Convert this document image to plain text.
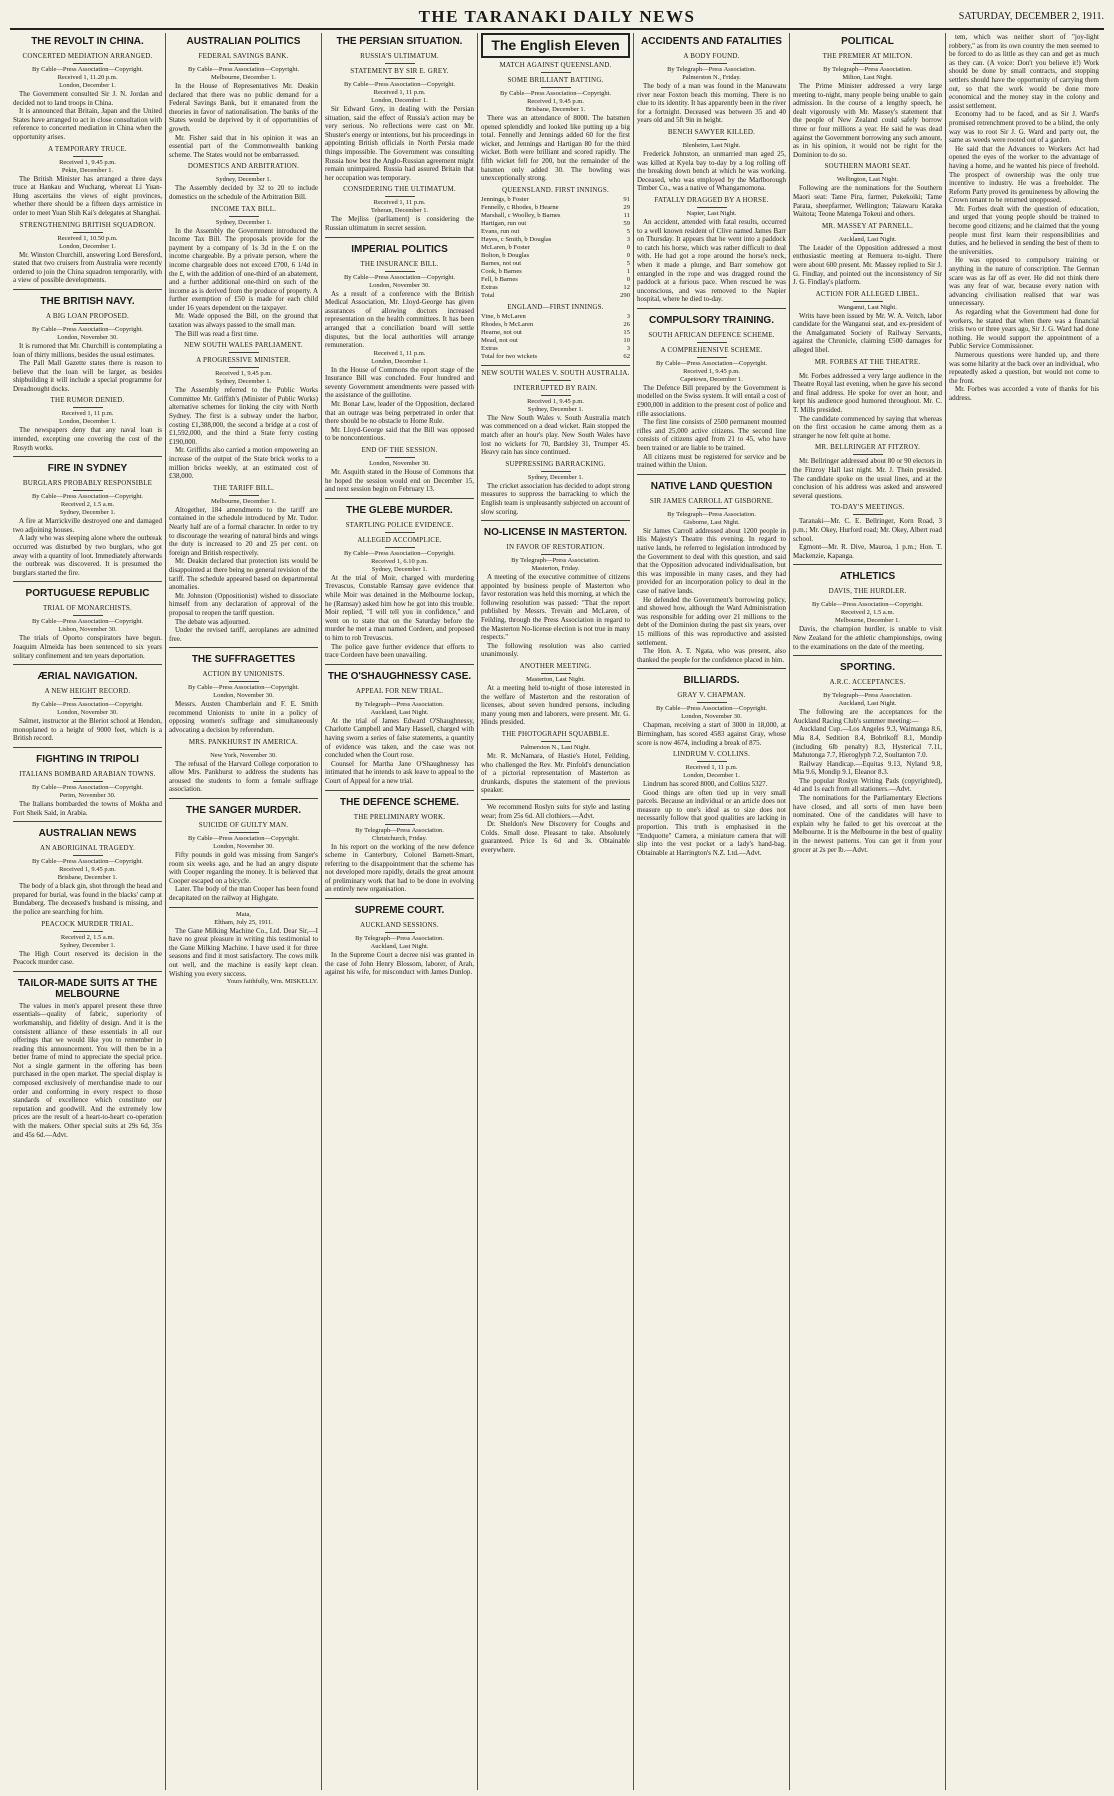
THE TARANAKI DAILY NEWS	SATURDAY, DECEMBER 2, 1911.
THE REVOLT IN CHINA.
CONCERTED MEDIATION ARRANGED.
By Cable—Press Association—Copyright.
Received 1, 11.20 p.m.
London, December 1.

The Government consulted Sir J. N. Jordan and decided not to land troops in China.

It is announced that Britain, Japan and the United States have arranged to act in close consultation with reference to concerted mediation in China when the opportunity arises.

A TEMPORARY TRUCE.
Received 1, 9.45 p.m.
Pekin, December 1.

The British Minister has arranged a three days truce at Hankau and Wuchang, whereat Li Yuan-Hung ascertains the views of eight provinces, whether there should be a fifteen days armistice in order to meet Yuan Shih Kai's delegates at Shanghai.

STRENGTHENING BRITISH SQUADRON.
Received 1, 10.50 p.m.
London, December 1.

Mr. Winston Churchill, answering Lord Beresford, stated that two cruisers from Australia were recently ordered to join the China squadron temporarily, with a view of possible developments.

THE BRITISH NAVY.
A BIG LOAN PROPOSED.
By Cable—Press Association—Copyright.
London, November 30.

It is rumored that Mr. Churchill is contemplating a loan of thirty millions, besides the usual estimates.

The Pall Mall Gazette states there is reason to believe that the loan will be larger, as besides shipbuilding it will include a special programme for Dreadnought docks.

THE RUMOR DENIED.
Received 1, 11 p.m.
London, December 1.

The newspapers deny that any naval loan is intended, excepting one covering the cost of the Rosyth works.

FIRE IN SYDNEY
BURGLARS PROBABLY RESPONSIBLE
By Cable—Press Association—Copyright.
Received 2, 1.5 a.m.
Sydney, December 1.

A fire at Marrickville destroyed one and damaged two adjoining houses.

A lady who was sleeping alone where the outbreak occurred was disturbed by two burglars, who got away with a quantity of loot. Immediately afterwards the outbreak was discovered. It is presumed the burglars started the fire.

PORTUGUESE REPUBLIC
TRIAL OF MONARCHISTS.
By Cable—Press Association—Copyright.
Lisbon, November 30.

The trials of Oporto conspirators have begun. Joaquim Almeida has been sentenced to six years solitary confinement and ten years deportation.

ÆRIAL NAVIGATION.
A NEW HEIGHT RECORD.
By Cable—Press Association—Copyright.
London, November 30.

Salmet, instructor at the Bleriot school at Hendon, monoplaned to a height of 9000 feet, which is a British record.

FIGHTING IN TRIPOLI
ITALIANS BOMBARD ARABIAN TOWNS.
By Cable—Press Association—Copyright.
Perim, November 30.

The Italians bombarded the towns of Mokha and Fort Sheik Said, in Arabia.

AUSTRALIAN NEWS
AN ABORIGINAL TRAGEDY.
By Cable—Press Association—Copyright.
Received 1, 9.45 p.m.
Brisbane, December 1.

The body of a black gin, shot through the head and prepared for burial, was found in the blacks' camp at Bundaberg. The deceased's husband is missing, and the police are searching for him.

PEACOCK MURDER TRIAL.
Received 2, 1.5 a.m.
Sydney, December 1.

The High Court reserved its decision in the Peacock murder case.

TAILOR-MADE SUITS AT THE MELBOURNE

The values in men's apparel present these three essentials—quality of fabric, superiority of workmanship, and fidelity of design. And it is the consistent alliance of these essentials in all our offerings that we would like you to remember in reading this announcement. You will then be in a better frame of mind to appreciate the special price. Not a single garment in the offering has been purchased in the open market. The special display is composed exclusively of merchandise made to our order and conforming in every respect to those standards of excellence which constitute our reputation and goodwill. And the extremely low prices are the result of a heart-to-heart co-operation with the makers. Other special suits at 29s 6d, 35s and 45s 6d.—Advt.

AUSTRALIAN POLITICS
FEDERAL SAVINGS BANK.
By Cable—Press Association—Copyright.
Melbourne, December 1.

In the House of Representatives Mr. Deakin declared that there was no public demand for a Federal Savings Bank, but it emanated from the theories in favor of nationalisation. The banks of the States would be deprived by it of opportunities of growth.

Mr. Fisher said that in his opinion it was an essential part of the Commonwealth banking scheme. The States would not be embarrassed.

DOMESTICS AND ARBITRATION.
Sydney, December 1.

The Assembly decided by 32 to 20 to include domestics on the schedule of the Arbitration Bill.

INCOME TAX BILL.
Sydney, December 1.

In the Assembly the Government introduced the Income Tax Bill. The proposals provide for the payment by a company of 1s 3d in the £ on the income chargeable. By a private person, where the income chargeable does not exceed £700, 6 1/4d in the £, with the addition of one-third of an abatement, and a further additional one-third on such of the income as is derived from the produce of property. A further exemption of £50 is made for each child under 16 years dependent on the taxpayer.

Mr. Wade opposed the Bill, on the ground that taxation was always passed to the small man.

The Bill was read a first time.

NEW SOUTH WALES PARLIAMENT.
A PROGRESSIVE MINISTER.
Received 1, 9.45 p.m.
Sydney, December 1.

The Assembly referred to the Public Works Committee Mr. Griffith's (Minister of Public Works) alternative schemes for linking the city with North Sydney. The first is a subway under the harbor, costing £1,388,000, the second a bridge at a cost of £1,592,000, and the third a State ferry costing £190,000.

Mr. Griffiths also carried a motion empowering an increase of the output of the State brick works to a million bricks weekly, at an estimated cost of £38,000.

THE TARIFF BILL.
Melbourne, December 1.

Altogether, 184 amendments to the tariff are contained in the schedule introduced by Mr. Tudor. Nearly half are of a formal character. In order to try to discourage the wearing of natural birds and wings the duty is increased to 20 and 25 per cent. on foreign and British respectively.

Mr. Deakin declared that protection ists would be disappointed at there being no general revision of the tariff. The schedule appeared based on departmental anomalies.

Mr. Johnston (Oppositionist) wished to dissociate himself from any declaration of approval of the proposal to reopen the tariff question.

The debate was adjourned.

Under the revised tariff, aeroplanes are admitted free.

THE SUFFRAGETTES
ACTION BY UNIONISTS.
By Cable—Press Association—Copyright.
London, November 30.

Messrs. Austen Chamberlain and F. E. Smith recommend Unionists to unite in a policy of opposing women's suffrage and simultaneously advocating a decision by referendum.

MRS. PANKHURST IN AMERICA.
New York, November 30.

The refusal of the Harvard College corporation to allow Mrs. Pankhurst to address the students has aroused the students to form a female suffrage association.

THE SANGER MURDER.
SUICIDE OF GUILTY MAN.
By Cable—Press Association—Copyright.
London, November 30.

Fifty pounds in gold was missing from Sanger's room six weeks ago, and he had an angry dispute with Cooper regarding the money. It is believed that Cooper escaped on a bicycle.

Later. The body of the man Cooper has been found decapitated on the railway at Highgate.

Mata,
Eltham, July 25, 1911.

The Gane Milking Machine Co., Ltd. Dear Sir,—I have no great pleasure in writing this testimonial to the Gane Milking Machine. I have used it for three seasons and find it most satisfactory. The cows milk out well, and the machine is easily kept clean. Wishing you every success.

Yours faithfully, Wm. MISKELLY.
THE PERSIAN SITUATION.
RUSSIA'S ULTIMATUM.
STATEMENT BY SIR E. GREY.
By Cable—Press Association—Copyright.
Received 1, 11 p.m.
London, December 1.

Sir Edward Grey, in dealing with the Persian situation, said the effect of Russia's action may be very serious. No reflections were cast on Mr. Shuster's energy or intentions, but his proceedings in appointing British officials in North Persia made things impossible. The Government was consulting Russia how best the Anglo-Russian agreement might remain unimpaired. Russia had assured Britain that her occupation was temporary.

CONSIDERING THE ULTIMATUM.
Received 1, 11 p.m.
Teheran, December 1.

The Mejliss (parliament) is considering the Russian ultimatum in secret session.

IMPERIAL POLITICS
THE INSURANCE BILL.
By Cable—Press Association—Copyright.
London, November 30.

As a result of a conference with the British Medical Association, Mr. Lloyd-George has given assurances of allowing doctors increased representation on the health committees. It has been arranged that a conciliation board will settle disputes, but the local authorities will arrange remuneration.

Received 1, 11 p.m.
London, December 1.

In the House of Commons the report stage of the Insurance Bill was concluded. Four hundred and seventy Government amendments were passed with the assistance of the guillotine.

Mr. Bonar Law, leader of the Opposition, declared that an outrage was being perpetrated in order that there should be no obstacle to Home Rule.

Mr. Lloyd-George said that the Bill was opposed to be noncontentious.

END OF THE SESSION.
London, November 30.

Mr. Asquith stated in the House of Commons that he hoped the session would end on December 15, and next session begin on February 13.

THE GLEBE MURDER.
STARTLING POLICE EVIDENCE.
ALLEGED ACCOMPLICE.
By Cable—Press Association—Copyright.
Received 1, 6.10 p.m.
Sydney, December 1.

At the trial of Moir, charged with murdering Trevascus, Constable Ramsay gave evidence that while Moir was detained in the Melbourne lockup, he (Ramsay) asked him how he got into this trouble. Moir replied, "I will tell you in confidence," and went on to state that on the Saturday before the murder he met a man named Cordeen, and proposed to him to rob Trevascus.

The police gave further evidence that efforts to trace Cordeen have been unavailing.

THE O'SHAUGHNESSY CASE.
APPEAL FOR NEW TRIAL.
By Telegraph—Press Association.
Auckland, Last Night.

At the trial of James Edward O'Shaughnessy, Charlotte Campbell and Mary Hassell, charged with having sworn a series of false statements, a quantity of evidence was taken, and the case was not concluded when the Court rose.

Counsel for Martha Jane O'Shaughnessy has intimated that he intends to ask leave to appeal to the Court of Appeal for a new trial.

THE DEFENCE SCHEME.
THE PRELIMINARY WORK.
By Telegraph—Press Association.
Christchurch, Friday.

In his report on the working of the new defence scheme in Canterbury, Colonel Barnett-Smart, referring to the disappointment that the scheme has not developed more rapidly, details the great amount of preliminary work that had to be done in evolving an entirely new organisation.

SUPREME COURT.
AUCKLAND SESSIONS.
By Telegraph—Press Association.
Auckland, Last Night.

In the Supreme Court a decree nisi was granted in the case of John Henry Blossom, laborer, of Arah, against his wife, for misconduct with James Dunlop.

The English Eleven
MATCH AGAINST QUEENSLAND.
SOME BRILLIANT BATTING.
By Cable—Press Association—Copyright.
Received 1, 9.45 p.m.
Brisbane, December 1.

There was an attendance of 8000. The batsmen opened splendidly and looked like putting up a big total. Fennelly and Jennings added 60 for the first wicket, and Jennings and Hartigan 80 for the third wicket. Both were brilliant and scored rapidly. The fifth wicket fell for 200, but the remainder of the batsmen only added 30. The bowling was unexceptionally strong.

QUEENSLAND. FIRST INNINGS.
Jennings, b Foster	91
Fennelly, c Rhodes, b Hearne	29
Marshall, c Woolley, b Barnes	11
Hartigan, run out	59
Evans, run out	5
Hayes, c Smith, b Douglas	3
McLaren, b Foster	0
Bolton, b Douglas	0
Barnes, not out	5
Cook, b Barnes	1
Fell, b Barnes	0
Extras	12
Total	290
ENGLAND—FIRST INNINGS.
Vine, b McLaren	3
Rhodes, b McLaren	26
Hearne, not out	15
Mead, not out	10
Extras	3
Total for two wickets	62
NEW SOUTH WALES V. SOUTH AUSTRALIA.
INTERRUPTED BY RAIN.
Received 1, 9.45 p.m.
Sydney, December 1.

The New South Wales v. South Australia match was commenced on a dead wicket. Rain stopped the match after an hour's play. New South Wales have lost no wickets for 70, Bardsley 31, Trumper 45. Heavy rain has since continued.

SUPPRESSING BARRACKING.
Sydney, December 1.

The cricket association has decided to adopt strong measures to suppress the barracking to which the English team is unpleasantly subjected on account of slow scoring.

NO-LICENSE IN MASTERTON.
IN FAVOR OF RESTORATION.
By Telegraph—Press Association.
Masterton, Friday.

A meeting of the executive committee of citizens appointed by business people of Masterton who favor restoration was held this morning, at which the following resolution was passed: "That the report published by Messrs. Trevain and McLaren, of Feilding, through the Press Association in regard to the Masterton No-license election is not true in many respects."

The following resolution was also carried unanimously.

ANOTHER MEETING.
Masterton, Last Night.

At a meeting held to-night of those interested in the welfare of Masterton and the restoration of licenses, about seven hundred persons, including many young men and laborers, were present. Mr. G. Hinds presided.

THE PHOTOGRAPH SQUABBLE.
Palmerston N., Last Night.

Mr. R. McNamara, of Hastie's Hotel, Feilding, who challenged the Rev. Mr. Pinfold's denunciation of a pictorial representation of Masterton as drunkards, disputes the statement of the previous speaker.

We recommend Roslyn suits for style and lasting wear; from 25s 6d. All clothiers.—Advt.

Dr. Sheldon's New Discovery for Coughs and Colds. Small dose. Pleasant to take. Absolutely guaranteed. Price 1s 6d and 3s. Obtainable everywhere.

ACCIDENTS AND FATALITIES
A BODY FOUND.
By Telegraph—Press Association.
Palmerston N., Friday.

The body of a man was found in the Manawatu river near Foxton beach this morning. There is no clue to its identity. It has apparently been in the river for a fortnight. Deceased was between 35 and 40 years old and 5ft 9in in height.

BENCH SAWYER KILLED.
Blenheim, Last Night.

Frederick Johnston, an unmarried man aged 25, was killed at Kyela bay to-day by a log rolling off the breaking down bench at which he was working. Deceased, who was employed by the Marlborough Timber Co., was a native of Whangamomona.

FATALLY DRAGGED BY A HORSE.
Napier, Last Night.

An accident, attended with fatal results, occurred to a well known resident of Clive named James Barr on Thursday. It appears that he went into a paddock to catch his horse, which was rather difficult to deal with. He had got a rope around the horse's neck, when it made a plunge, and Barr somehow got entangled in the rope and was dragged round the paddock at a furious pace. When rescued he was unconscious, and was removed to the Napier hospital, where he died to-day.

COMPULSORY TRAINING.
SOUTH AFRICAN DEFENCE SCHEME.
A COMPREHENSIVE SCHEME.
By Cable—Press Association—Copyright.
Received 1, 9.45 p.m.
Capetown, December 1.

The Defence Bill prepared by the Government is modelled on the Swiss system. It will entail a cost of £900,000 in addition to the present cost of police and rifle associations.

The first line consists of 2500 permanent mounted rifles and 25,000 active citizens. The second line consists of citizens aged from 21 to 45, who have been trained or are liable to be trained.

All citizens must be registered for service and be trained within the Union.

NATIVE LAND QUESTION
SIR JAMES CARROLL AT GISBORNE.
By Telegraph—Press Association.
Gisborne, Last Night.

Sir James Carroll addressed about 1200 people in His Majesty's Theatre this evening. In regard to native lands, he referred to legislation introduced by the Government to deal with this question, and said that the Opposition advocated individualisation, but this was impossible in many cases, and they had provided for an incorporation policy to deal in the case of native lands.

He defended the Government's borrowing policy, and showed how, although the Ward Administration was responsible for adding over 21 millions to the debt of the Dominion during the past six years, over 15 millions of this was reproductive and assisted settlement.

The Hon. A. T. Ngata, who was present, also thanked the people for the confidence placed in him.

BILLIARDS.
GRAY V. CHAPMAN.
By Cable—Press Association—Copyright.
London, November 30.

Chapman, receiving a start of 3000 in 18,000, at Birmingham, has scored 4583 against Gray, whose score is now 4674, including a break of 875.

LINDRUM V. COLLINS.
Received 1, 11 p.m.
London, December 1.

Lindrum has scored 8000, and Collins 5327.

Good things are often tied up in very small parcels. Because an individual or an article does not measure up to one's ideal as to size does not necessarily follow that good qualities are lacking in proportion. This truth is emphasised in the "Endquotte" Camera, a miniature camera that will slip into the vest pocket or a lady's hand-bag. Obtainable at Harrington's N.Z. Ltd.—Advt.

POLITICAL
THE PREMIER AT MILTON.
By Telegraph—Press Association.
Milton, Last Night.

The Prime Minister addressed a very large meeting to-night, many people being unable to gain admission. In the course of a lengthy speech, he dealt vigorously with Mr. Massey's statement that the people of New Zealand could safely borrow three or four millions a year. He said he was dead against the Government borrowing any such amount, as in his opinion, it would not be right for the Dominion to do so.

SOUTHERN MAORI SEAT.
Wellington, Last Night.

Following are the nominations for the Southern Maori seat: Tame Pira, farmer, Pukekoiki; Tame Parata, sheepfarmer, Wellington; Taiawaru Karaka Waitota; Teone Matenga Tokeui and others.

MR. MASSEY AT PARNELL.
Auckland, Last Night.

The Leader of the Opposition addressed a most enthusiastic meeting at Remuera to-night. There were about 600 present. Mr. Massey replied to Sir J. G. Findlay, and pointed out the inconsistency of Sir J. G. Findlay's platform.

ACTION FOR ALLEGED LIBEL.
Wanganui, Last Night.

Writs have been issued by Mr. W. A. Veitch, labor candidate for the Wanganui seat, and ex-president of the Amalgamated Society of Railway Servants, against the Chronicle, claiming £500 damages for alleged libel.

MR. FORBES AT THE THEATRE.

Mr. Forbes addressed a very large audience in the Theatre Royal last evening, when he gave his second and final address. He spoke for over an hour, and kept his audience good humored throughout. Mr. C. T. Mills presided.

The candidate commenced by saying that whereas on the first occasion he came among them as a stranger he now felt quite at home.

MR. BELLRINGER AT FITZROY.

Mr. Bellringer addressed about 80 or 90 electors in the Fitzroy Hall last night. Mr. J. Thein presided. The candidate spoke on the usual lines, and at the conclusion of his address was asked and answered several questions.

TO-DAY'S MEETINGS.

Taranaki—Mr. C. E. Bellringer, Korn Road, 3 p.m.; Mr. Okey, Hurford road; Mr. Okey, Albert road school.

Egmont—Mr. R. Dive, Mauroa, 1 p.m.; Hon. T. Mackenzie, Kapanga.

ATHLETICS
DAVIS, THE HURDLER.
By Cable—Press Association—Copyright.
Received 2, 1.5 a.m.
Melbourne, December 1.

Davis, the champion hurdler, is unable to visit New Zealand for the athletic championships, owing to the examinations on the date of the meeting.

SPORTING.
A.R.C. ACCEPTANCES.
By Telegraph—Press Association.
Auckland, Last Night.

The following are the acceptances for the Auckland Racing Club's summer meeting:—

Auckland Cup.—Los Angeles 9.3, Waimanga 8.6, Mia 8.4, Sedition 8.4, Bobrikoff 8.1, Mondip (including 6lb penalty) 8.3, Hysterical 7.11, Mahutonga 7.7, Hieroglyph 7.2, Soultanton 7.0.

Railway Handicap.—Equitas 9.13, Nyland 9.8, Mia 9.6, Mondip 9.1, Eleanor 8.3.

The popular Roslyn Writing Pads (copyrighted), 4d and 1s each from all stationers.—Advt.

The nominations for the Parliamentary Elections have closed, and all sorts of men have been nominated. One of the candidates will have to explain why he failed to get his overcoat at the Melbourne. It is the Melbourne in the best of quality in the newest patterns. You can get it from your grocer at 2s per lb.—Advt.

tem, which was neither short of "joy-light robbery," as from its own country the men seemed to be forced to do as little as they can and get as much as they can. (A voice: Don't you believe it!) Work should be done by small contracts, and stopping settlers should have the opportunity of carrying them out, so that the work would be done more economical and the money stay in the colony and assist settlement.

Economy had to be faced, and as Sir J. Ward's promised retrenchment proved to be a blind, the only way was to root Sir J. G. Ward and party out, the same as weeds were rooted out of a garden.

He said that the Advances to Workers Act had opened the eyes of the worker to the advantage of having a home, and he wanted his piece of freehold. The prospect of ownership was the only true incentive to industry. He was a freeholder. The Reform Party proved its genuineness by allowing the Crown tenant to be returned unopposed.

Mr. Forbes dealt with the question of education, and urged that young people should be trained to become good citizens; and he claimed that the young people must first learn their responsibilities and duties, and he believed in sending the best of them to the universities.

He was opposed to compulsory training or anything in the nature of conscription. The German scare was as far off as ever. He did not think there was any fear of war, because every nation with advancing civilisation realised that war was unnecessary.

As regarding what the Government had done for workers, he stated that when there was a financial crisis two or three years ago, Sir J. G. Ward had done nothing. He would support the appointment of a Public Service Commissioner.

Numerous questions were handed up, and there was some hilarity at the back over an individual, who repeatedly asked a question, but would not come to the front.

Mr. Forbes was accorded a vote of thanks for his address.
